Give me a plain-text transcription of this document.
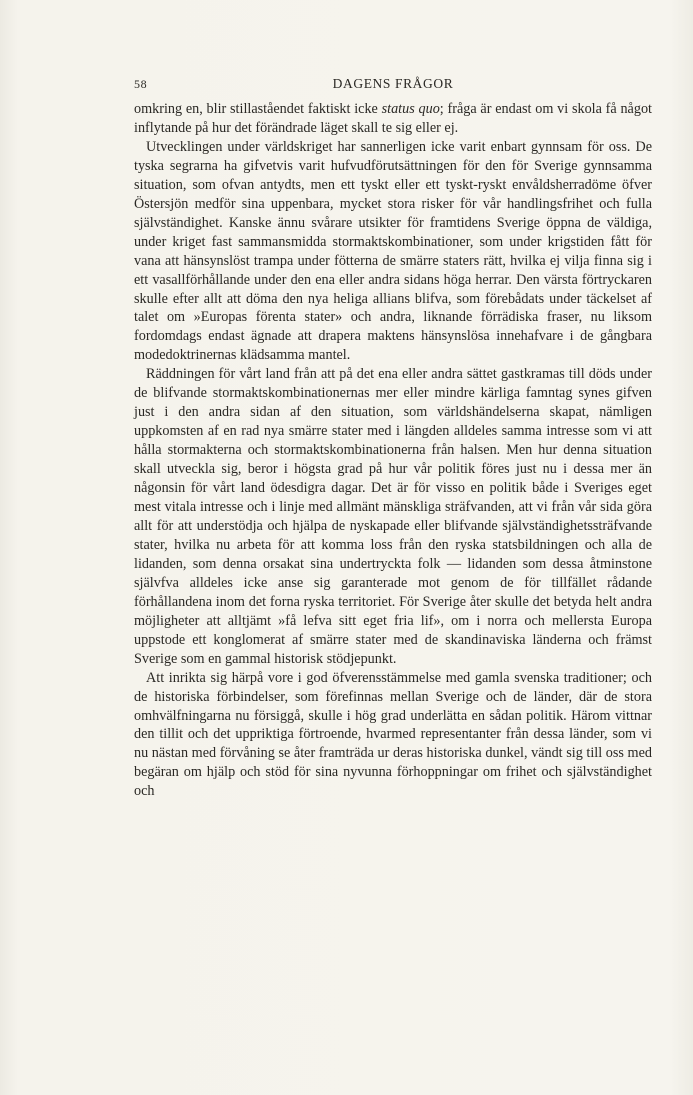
58	DAGENS FRÅGOR

omkring en, blir stillaståendet faktiskt icke status quo; fråga är endast om vi skola få något inflytande på hur det förändrade läget skall te sig eller ej.

Utvecklingen under världskriget har sannerligen icke varit enbart gynnsam för oss. De tyska segrarna ha gifvetvis varit hufvudförutsättningen för den för Sverige gynnsamma situation, som ofvan antydts, men ett tyskt eller ett tyskt-ryskt envåldsherradöme öfver Östersjön medför sina uppenbara, mycket stora risker för vår handlingsfrihet och fulla självständighet. Kanske ännu svårare utsikter för framtidens Sverige öppna de väldiga, under kriget fast sammansmidda stormaktskombinationer, som under krigstiden fått för vana att hänsynslöst trampa under fötterna de smärre staters rätt, hvilka ej vilja finna sig i ett vasallförhållande under den ena eller andra sidans höga herrar. Den värsta förtryckaren skulle efter allt att döma den nya heliga allians blifva, som förebådats under täckelset af talet om »Europas förenta stater» och andra, liknande förrädiska fraser, nu liksom fordomdags endast ägnade att drapera maktens hänsynslösa innehafvare i de gångbara modedoktrinernas klädsamma mantel.

Räddningen för vårt land från att på det ena eller andra sättet gastkramas till döds under de blifvande stormaktskombinationernas mer eller mindre kärliga famntag synes gifven just i den andra sidan af den situation, som världshändelserna skapat, nämligen uppkomsten af en rad nya smärre stater med i längden alldeles samma intresse som vi att hålla stormakterna och stormaktskombinationerna från halsen. Men hur denna situation skall utveckla sig, beror i högsta grad på hur vår politik föres just nu i dessa mer än någonsin för vårt land ödesdigra dagar. Det är för visso en politik både i Sveriges eget mest vitala intresse och i linje med allmänt mänskliga sträfvanden, att vi från vår sida göra allt för att understödja och hjälpa de nyskapade eller blifvande självständighetssträfvande stater, hvilka nu arbeta för att komma loss från den ryska statsbildningen och alla de lidanden, som denna orsakat sina undertryckta folk — lidanden som dessa åtminstone självfva alldeles icke anse sig garanterade mot genom de för tillfället rådande förhållandena inom det forna ryska territoriet. För Sverige åter skulle det betyda helt andra möjligheter att alltjämt »få lefva sitt eget fria lif», om i norra och mellersta Europa uppstode ett konglomerat af smärre stater med de skandinaviska länderna och främst Sverige som en gammal historisk stödjepunkt.

Att inrikta sig härpå vore i god öfverensstämmelse med gamla svenska traditioner; och de historiska förbindelser, som förefinnas mellan Sverige och de länder, där de stora omhvälfningarna nu försiggå, skulle i hög grad underlätta en sådan politik. Härom vittnar den tillit och det uppriktiga förtroende, hvarmed representanter från dessa länder, som vi nu nästan med förvåning se åter framträda ur deras historiska dunkel, vändt sig till oss med begäran om hjälp och stöd för sina nyvunna förhoppningar om frihet och självständighet och
